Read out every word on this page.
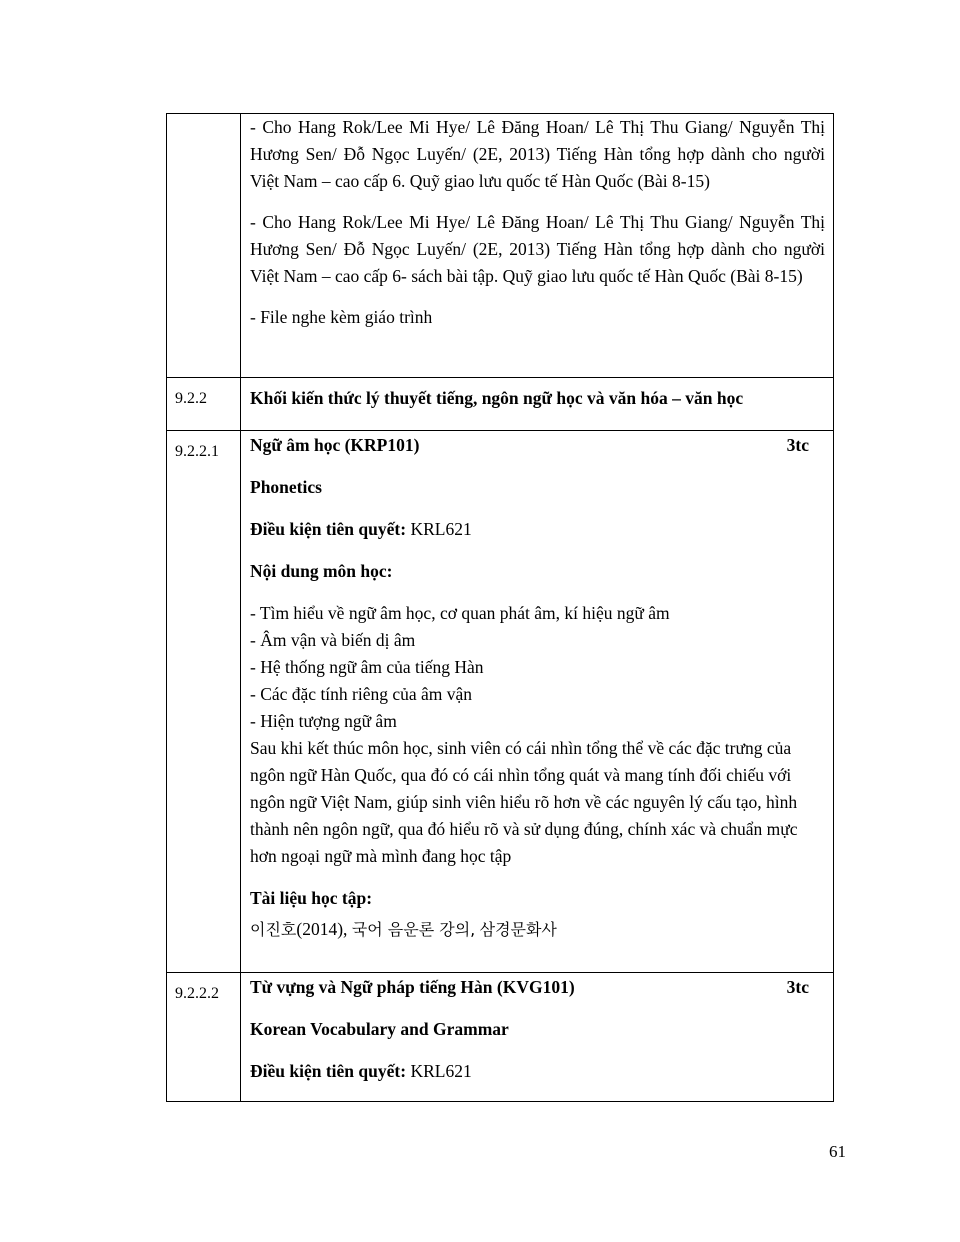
- Cho Hang Rok/Lee Mi Hye/ Lê Đăng Hoan/ Lê Thị Thu Giang/ Nguyễn Thị Hương Sen/ Đỗ Ngọc Luyến/ (2E, 2013) Tiếng Hàn tổng hợp dành cho người Việt Nam – cao cấp 6. Quỹ giao lưu quốc tế Hàn Quốc (Bài 8-15)

- Cho Hang Rok/Lee Mi Hye/ Lê Đăng Hoan/ Lê Thị Thu Giang/ Nguyễn Thị Hương Sen/ Đỗ Ngọc Luyến/ (2E, 2013) Tiếng Hàn tổng hợp dành cho người Việt Nam – cao cấp 6- sách bài tập. Quỹ giao lưu quốc tế Hàn Quốc (Bài 8-15)

- File nghe kèm giáo trình

9.2.2	Khối kiến thức lý thuyết tiếng, ngôn ngữ học và văn hóa – văn học
9.2.2.1	Ngữ âm học (KRP101)	3tc

Phonetics

Điều kiện tiên quyết: KRL621

Nội dung môn học:

- Tìm hiểu về ngữ âm học, cơ quan phát âm, kí hiệu ngữ âm

- Âm vận và biến dị âm

- Hệ thống ngữ âm của tiếng Hàn

- Các đặc tính riêng của âm vận

- Hiện tượng ngữ âm

Sau khi kết thúc môn học, sinh viên có cái nhìn tổng thể về các đặc trưng của ngôn ngữ Hàn Quốc, qua đó có cái nhìn tổng quát và mang tính đối chiếu với ngôn ngữ Việt Nam, giúp sinh viên hiểu rõ hơn về các nguyên lý cấu tạo, hình thành nên ngôn ngữ, qua đó hiểu rõ và sử dụng đúng, chính xác và chuẩn mực hơn ngoại ngữ mà mình đang học tập

Tài liệu học tập:

이진호(2014), 국어 음운론 강의, 삼경문화사

9.2.2.2	Từ vựng và Ngữ pháp tiếng Hàn (KVG101)	3tc

Korean Vocabulary and Grammar

Điều kiện tiên quyết: KRL621

61
